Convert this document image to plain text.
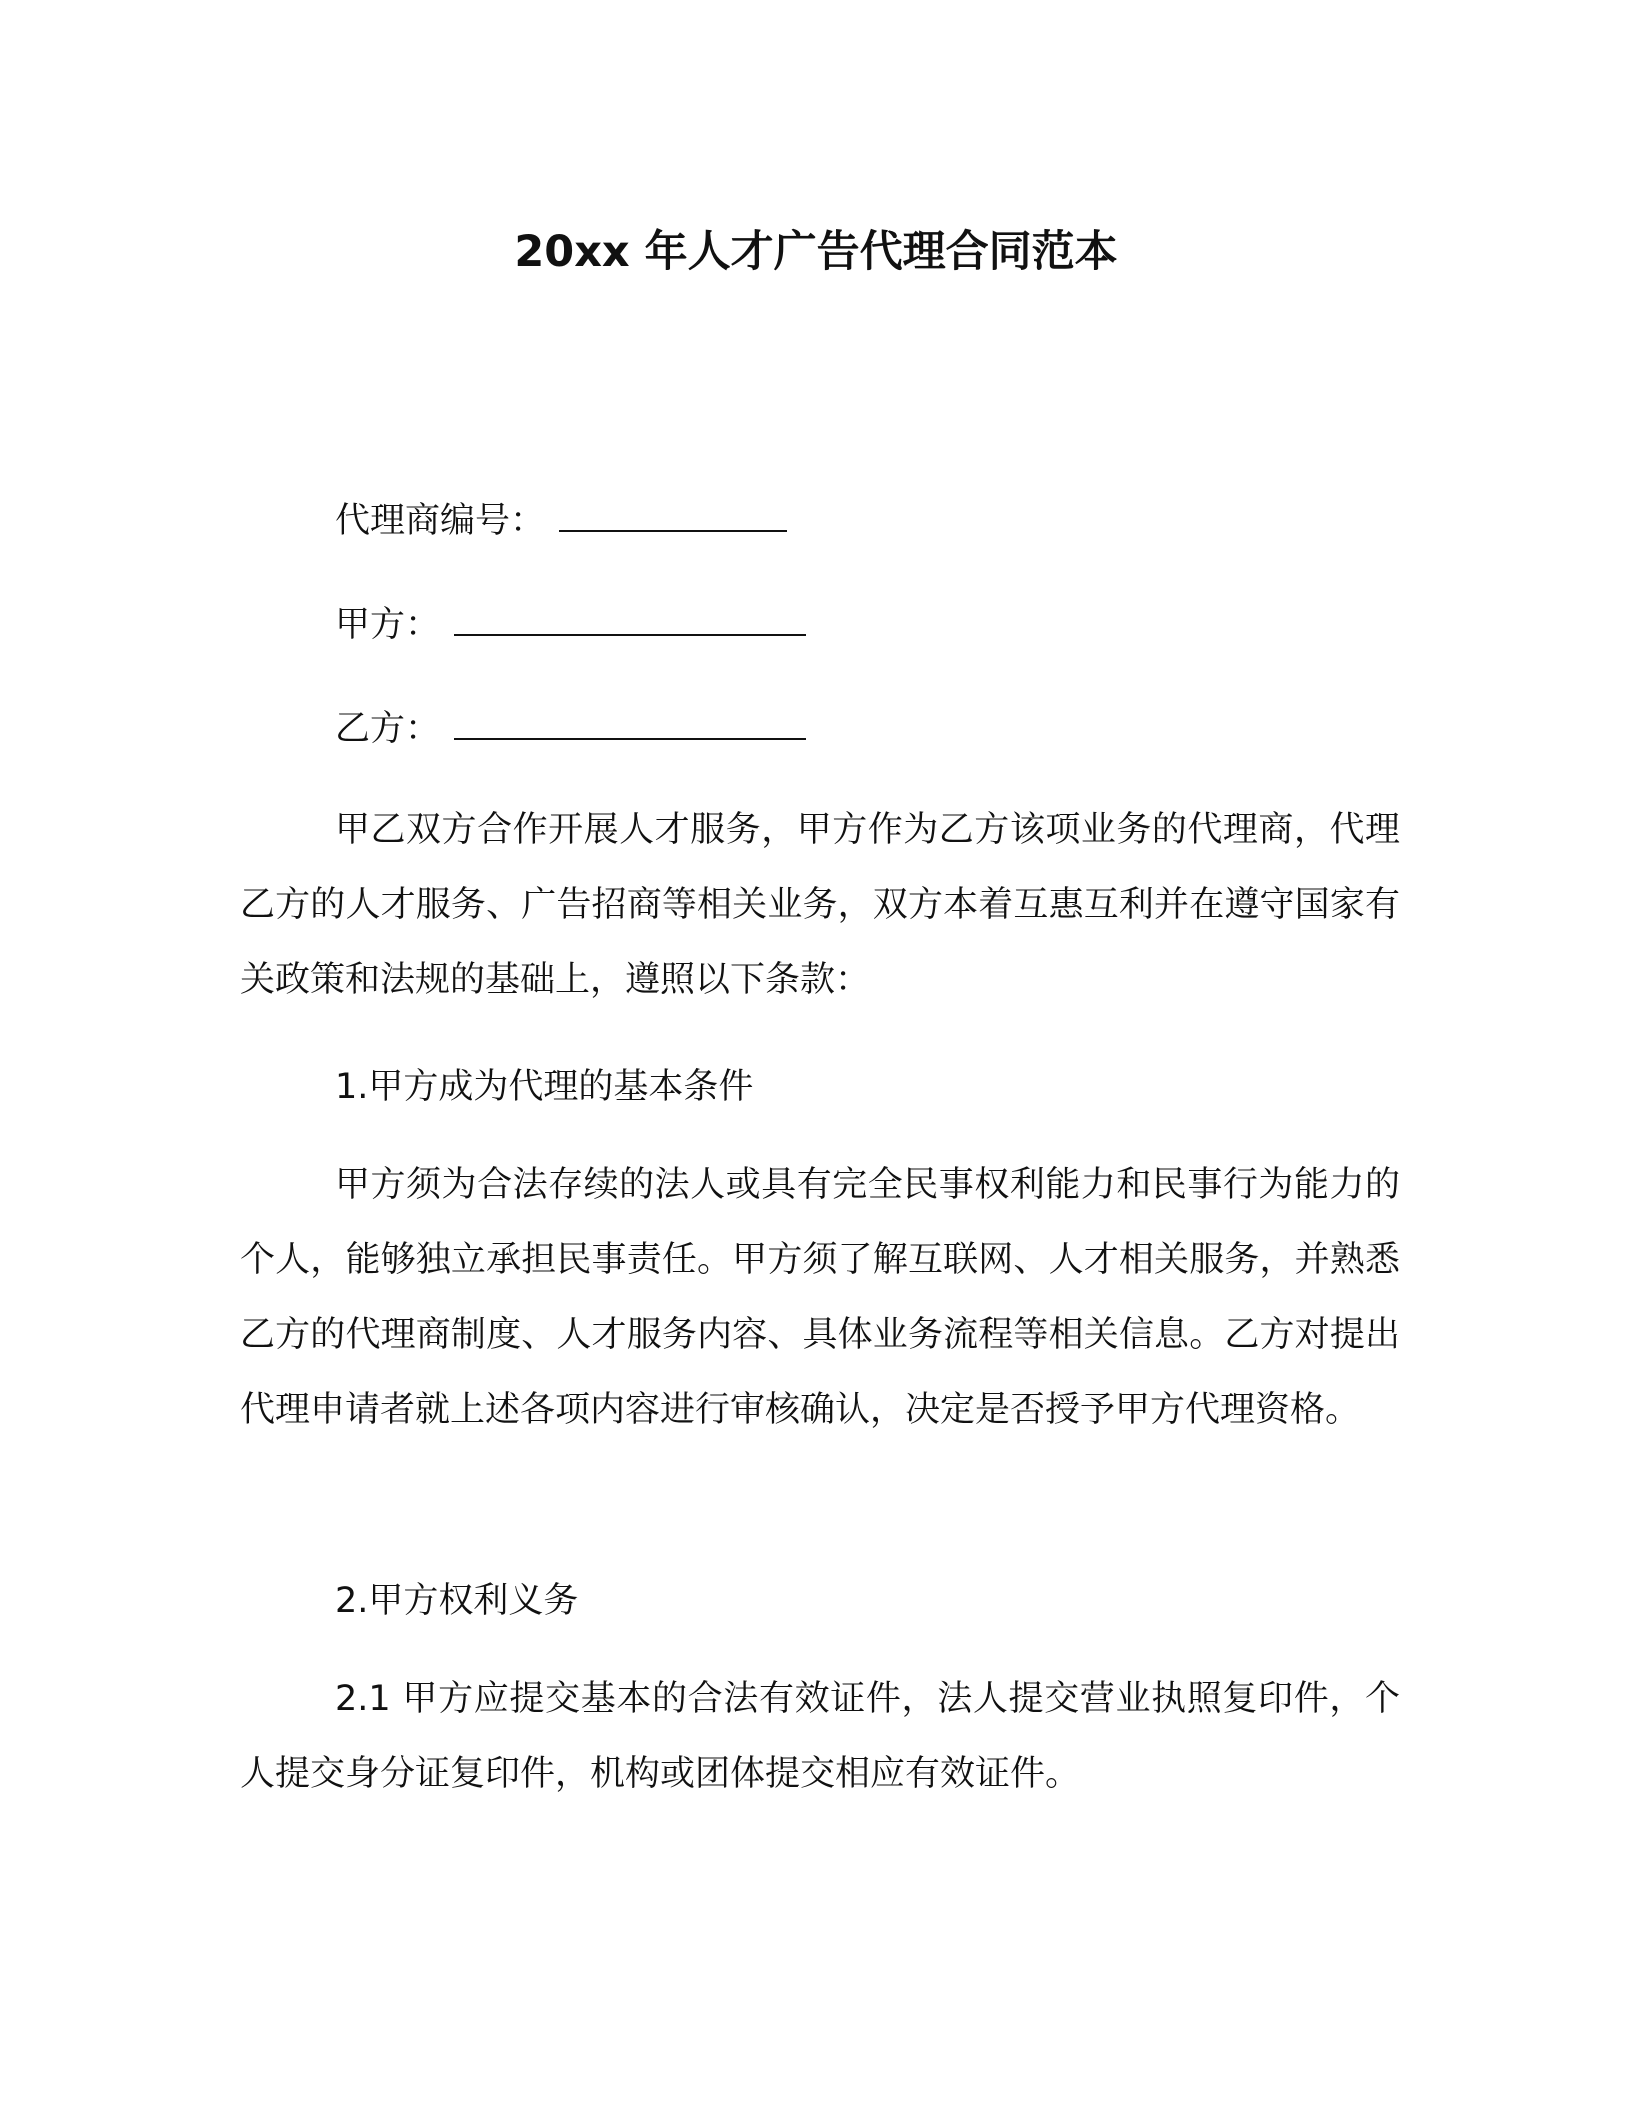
20xx 年人才广告代理合同范本
代理商编号：
甲方：
乙方：
甲乙双方合作开展人才服务，甲方作为乙方该项业务的代理商，代理乙方的人才服务、广告招商等相关业务，双方本着互惠互利并在遵守国家有关政策和法规的基础上，遵照以下条款：
1.甲方成为代理的基本条件
甲方须为合法存续的法人或具有完全民事权利能力和民事行为能力的个人，能够独立承担民事责任。甲方须了解互联网、人才相关服务，并熟悉乙方的代理商制度、人才服务内容、具体业务流程等相关信息。乙方对提出代理申请者就上述各项内容进行审核确认，决定是否授予甲方代理资格。
2.甲方权利义务
2.1 甲方应提交基本的合法有效证件，法人提交营业执照复印件，个人提交身分证复印件，机构或团体提交相应有效证件。
